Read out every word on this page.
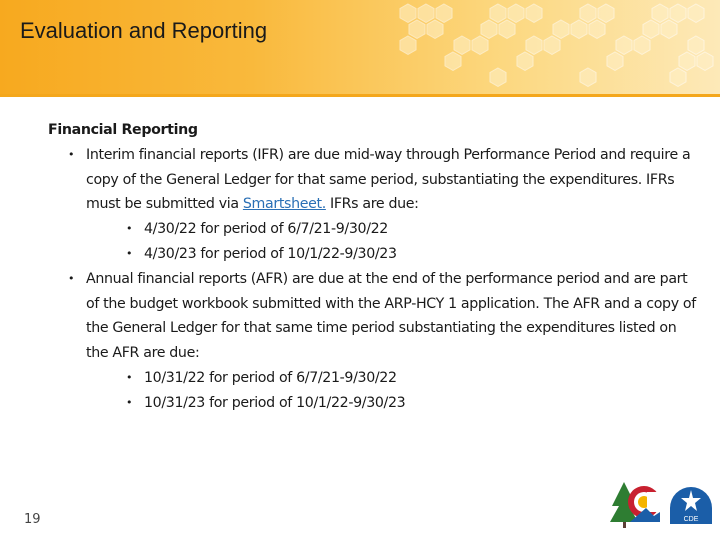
Evaluation and Reporting

Financial Reporting

• Interim financial reports (IFR) are due mid-way through Performance Period and require a copy of the General Ledger for that same period, substantiating the expenditures. IFRs must be submitted via Smartsheet. IFRs are due:
• 4/30/22 for period of 6/7/21-9/30/22
• 4/30/23 for period of 10/1/22-9/30/23
• Annual financial reports (AFR) are due at the end of the performance period and are part of the budget workbook submitted with the ARP-HCY 1 application. The AFR and a copy of the General Ledger for that same time period substantiating the expenditures listed on the AFR are due:
• 10/31/22 for period of 6/7/21-9/30/22
• 10/31/23 for period of 10/1/22-9/30/23
19	CDE
